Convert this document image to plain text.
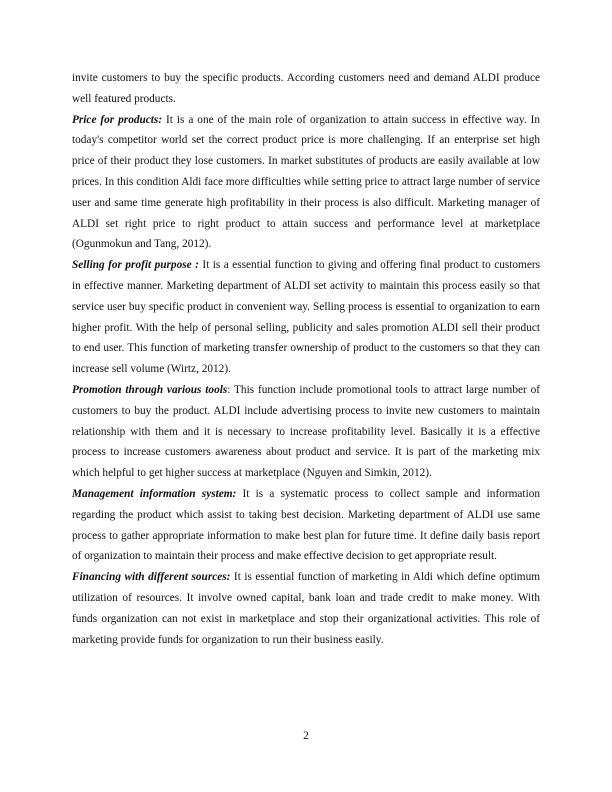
invite customers to buy the specific products. According customers need and demand ALDI produce well featured products.

Price for products: It is a one of the main role of organization to attain success in effective way. In today's competitor world set the correct product price is more challenging. If an enterprise set high price of their product they lose customers. In market substitutes of products are easily available at low prices. In this condition Aldi face more difficulties while setting price to attract large number of service user and same time generate high profitability in their process is also difficult. Marketing manager of ALDI set right price to right product to attain success and performance level at marketplace (Ogunmokun and Tang, 2012).

Selling for profit purpose : It is a essential function to giving and offering final product to customers in effective manner. Marketing department of ALDI set activity to maintain this process easily so that service user buy specific product in convenient way. Selling process is essential to organization to earn higher profit. With the help of personal selling, publicity and sales promotion ALDI sell their product to end user. This function of marketing transfer ownership of product to the customers so that they can increase sell volume (Wirtz, 2012).

Promotion through various tools: This function include promotional tools to attract large number of customers to buy the product. ALDI include advertising process to invite new customers to maintain relationship with them and it is necessary to increase profitability level. Basically it is a effective process to increase customers awareness about product and service. It is part of the marketing mix which helpful to get higher success at marketplace (Nguyen and Simkin, 2012).

Management information system: It is a systematic process to collect sample and information regarding the product which assist to taking best decision. Marketing department of ALDI use same process to gather appropriate information to make best plan for future time. It define daily basis report of organization to maintain their process and make effective decision to get appropriate result.

Financing with different sources: It is essential function of marketing in Aldi which define optimum utilization of resources. It involve owned capital, bank loan and trade credit to make money. With funds organization can not exist in marketplace and stop their organizational activities. This role of marketing provide funds for organization to run their business easily.

2
